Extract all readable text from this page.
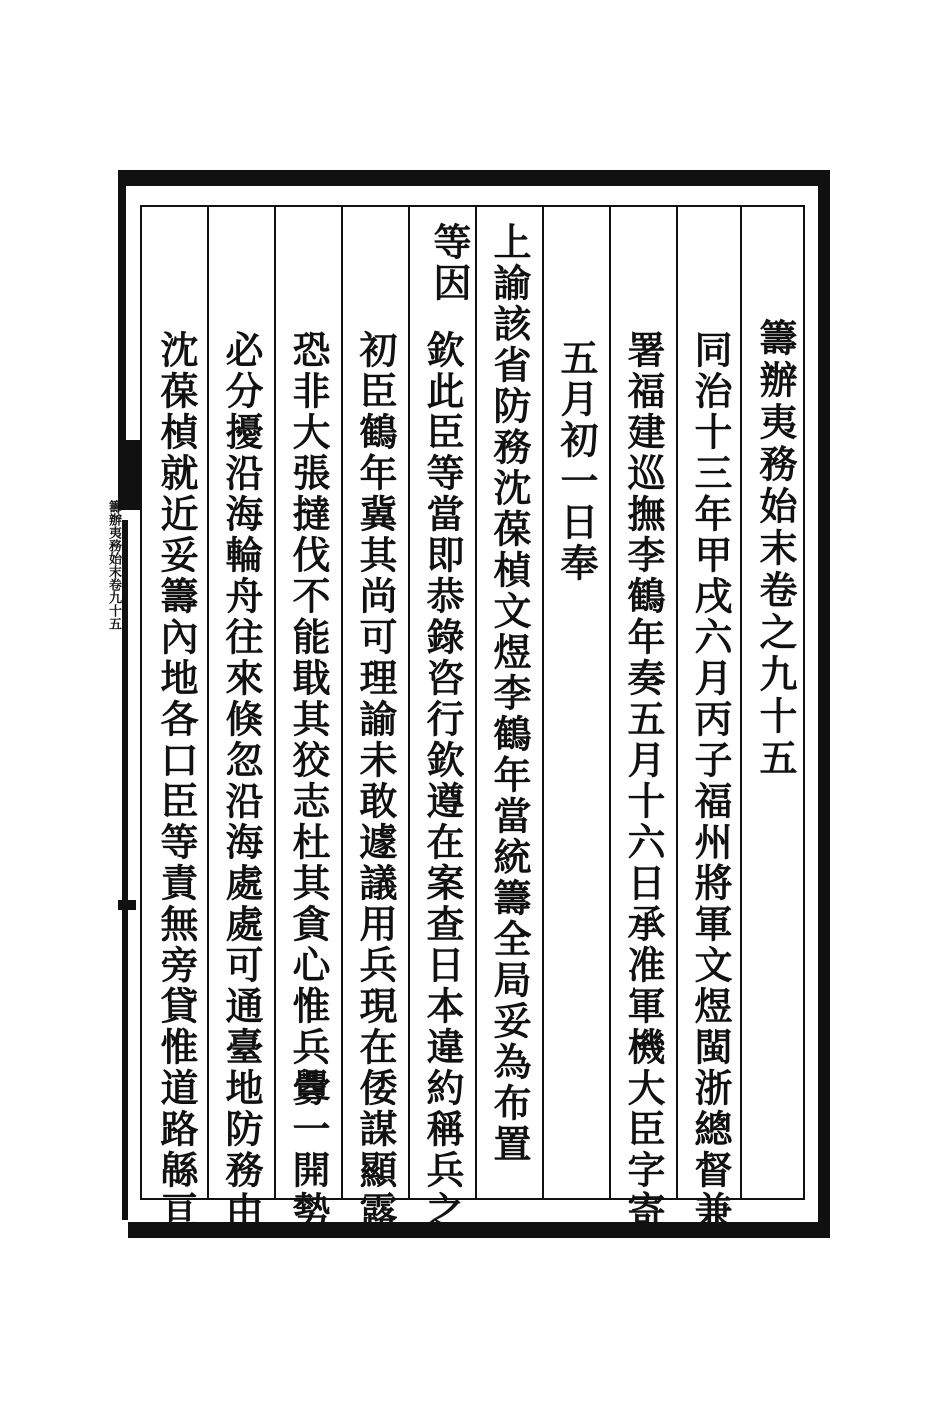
籌辦夷務始末卷九十五	籌辦夷務始末卷之九十五
同治十三年甲戌六月丙子福州將軍文煜閩浙總督兼
署福建巡撫李鶴年奏五月十六日承准軍機大臣字寄
五月初一日奉
上諭該省防務沈葆楨文煜李鶴年當統籌全局妥為布置等因
欽此臣等當即恭錄咨行欽遵在案查日本違約稱兵之
初臣鶴年冀其尚可理諭未敢遽議用兵現在倭謀顯露
恐非大張撻伐不能戢其狡志杜其貪心惟兵釁一開勢
必分擾沿海輪舟往來倏忽沿海處處可通臺地防務由
沈葆楨就近妥籌內地各口臣等責無旁貸惟道路緜亘
